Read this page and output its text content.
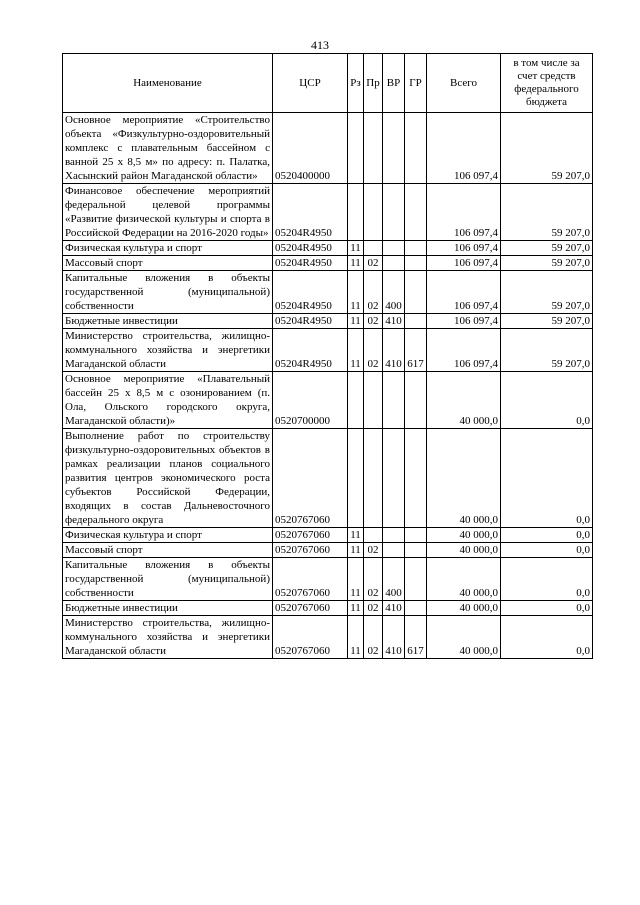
413
Наименование	ЦСР	Рз	Пр	ВР	ГР	Всего	в том числе за счет средств федерального бюджета
Основное мероприятие «Строительство объекта «Физкультурно-оздоровительный комплекс с плавательным бассейном с ванной 25 х 8,5 м» по адресу: п. Палатка, Хасынский район Магаданской области»	0520400000					106 097,4	59 207,0
Финансовое обеспечение мероприятий федеральной целевой программы «Развитие физической культуры и спорта в Российской Федерации на 2016-2020 годы»	05204R4950					106 097,4	59 207,0
Физическая культура и спорт	05204R4950	11				106 097,4	59 207,0
Массовый спорт	05204R4950	11	02			106 097,4	59 207,0
Капитальные вложения в объекты государственной (муниципальной) собственности	05204R4950	11	02	400		106 097,4	59 207,0
Бюджетные инвестиции	05204R4950	11	02	410		106 097,4	59 207,0
Министерство строительства, жилищно-коммунального хозяйства и энергетики Магаданской области	05204R4950	11	02	410	617	106 097,4	59 207,0
Основное мероприятие «Плавательный бассейн 25 х 8,5 м с озонированием (п. Ола, Ольского городского округа, Магаданской области)»	0520700000					40 000,0	0,0
Выполнение работ по строительству физкультурно-оздоровительных объектов в рамках реализации планов социального развития центров экономического роста субъектов Российской Федерации, входящих в состав Дальневосточного федерального округа	0520767060					40 000,0	0,0
Физическая культура и спорт	0520767060	11				40 000,0	0,0
Массовый спорт	0520767060	11	02			40 000,0	0,0
Капитальные вложения в объекты государственной (муниципальной) собственности	0520767060	11	02	400		40 000,0	0,0
Бюджетные инвестиции	0520767060	11	02	410		40 000,0	0,0
Министерство строительства, жилищно-коммунального хозяйства и энергетики Магаданской области	0520767060	11	02	410	617	40 000,0	0,0
